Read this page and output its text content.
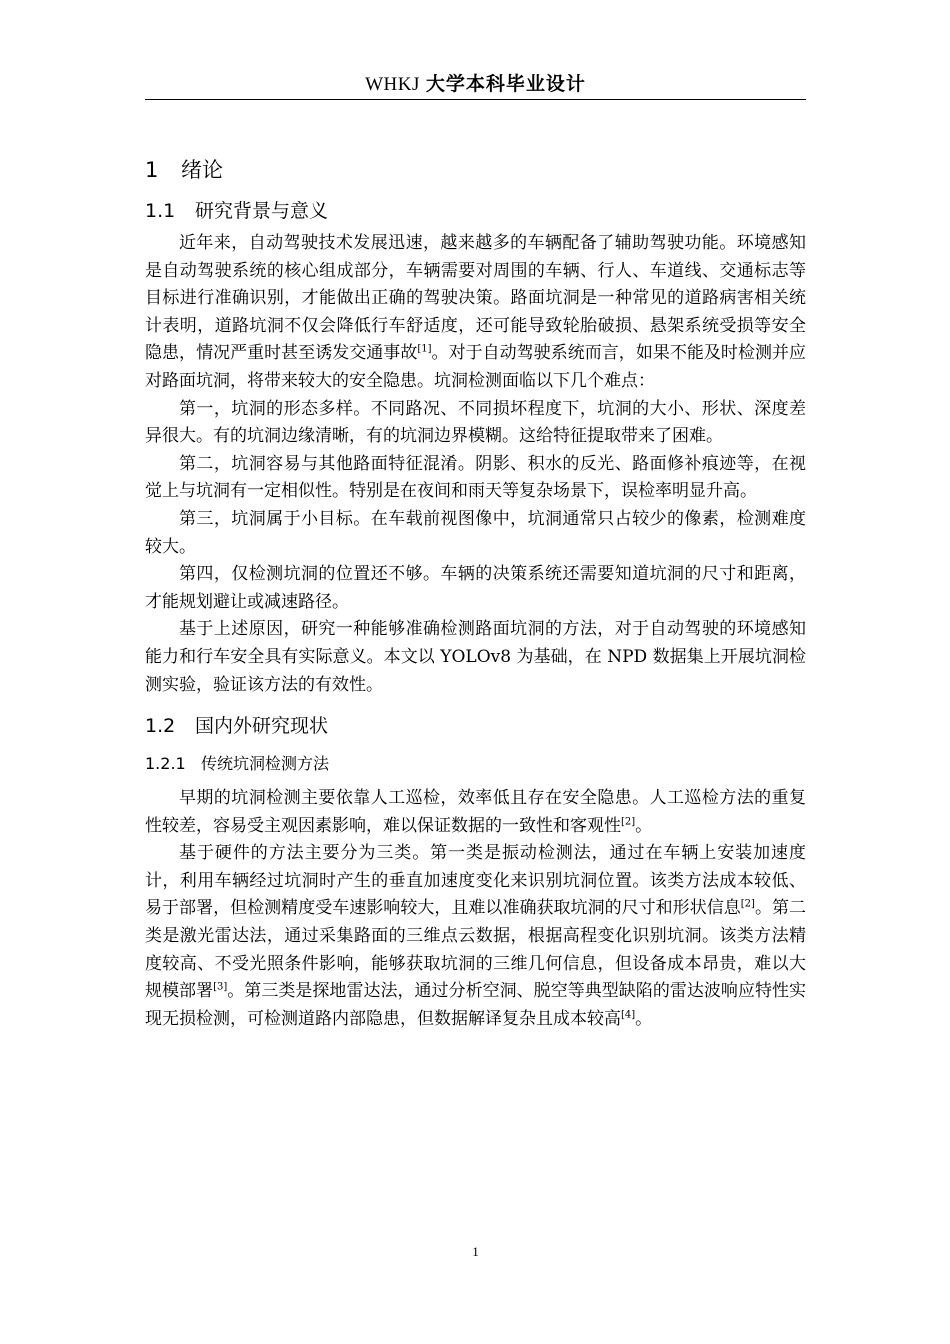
WHKJ 大学本科毕业设计
1 绪论
1.1 研究背景与意义

近年来，自动驾驶技术发展迅速，越来越多的车辆配备了辅助驾驶功能。环境感知是自动驾驶系统的核心组成部分，车辆需要对周围的车辆、行人、车道线、交通标志等目标进行准确识别，才能做出正确的驾驶决策。路面坑洞是一种常见的道路病害相关统计表明，道路坑洞不仅会降低行车舒适度，还可能导致轮胎破损、悬架系统受损等安全隐患，情况严重时甚至诱发交通事故[1]。对于自动驾驶系统而言，如果不能及时检测并应对路面坑洞，将带来较大的安全隐患。坑洞检测面临以下几个难点：

第一，坑洞的形态多样。不同路况、不同损坏程度下，坑洞的大小、形状、深度差异很大。有的坑洞边缘清晰，有的坑洞边界模糊。这给特征提取带来了困难。

第二，坑洞容易与其他路面特征混淆。阴影、积水的反光、路面修补痕迹等，在视觉上与坑洞有一定相似性。特别是在夜间和雨天等复杂场景下，误检率明显升高。

第三，坑洞属于小目标。在车载前视图像中，坑洞通常只占较少的像素，检测难度较大。

第四，仅检测坑洞的位置还不够。车辆的决策系统还需要知道坑洞的尺寸和距离，才能规划避让或减速路径。

基于上述原因，研究一种能够准确检测路面坑洞的方法，对于自动驾驶的环境感知能力和行车安全具有实际意义。本文以 YOLOv8 为基础，在 NPD 数据集上开展坑洞检测实验，验证该方法的有效性。

1.2 国内外研究现状
1.2.1 传统坑洞检测方法

早期的坑洞检测主要依靠人工巡检，效率低且存在安全隐患。人工巡检方法的重复性较差，容易受主观因素影响，难以保证数据的一致性和客观性[2]。

基于硬件的方法主要分为三类。第一类是振动检测法，通过在车辆上安装加速度计，利用车辆经过坑洞时产生的垂直加速度变化来识别坑洞位置。该类方法成本较低、易于部署，但检测精度受车速影响较大，且难以准确获取坑洞的尺寸和形状信息[2]。第二类是激光雷达法，通过采集路面的三维点云数据，根据高程变化识别坑洞。该类方法精度较高、不受光照条件影响，能够获取坑洞的三维几何信息，但设备成本昂贵，难以大规模部署[3]。第三类是探地雷达法，通过分析空洞、脱空等典型缺陷的雷达波响应特性实现无损检测，可检测道路内部隐患，但数据解译复杂且成本较高[4]。

1
